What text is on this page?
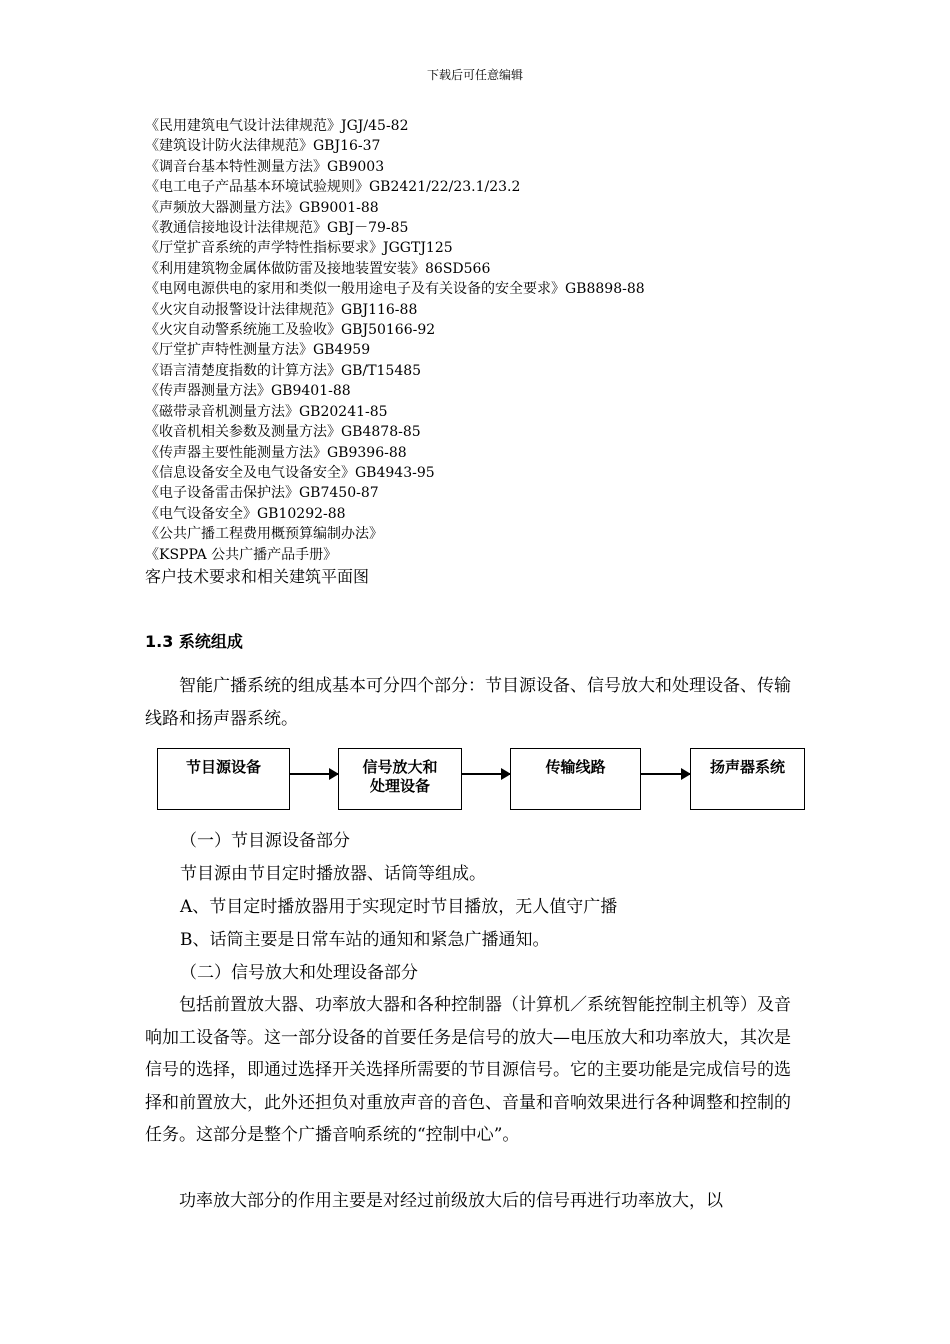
下载后可任意编辑
《民用建筑电气设计法律规范》JGJ/45-82
《建筑设计防火法律规范》GBJ16-37
《调音台基本特性测量方法》GB9003
《电工电子产品基本环境试验规则》GB2421/22/23.1/23.2
《声频放大器测量方法》GB9001-88
《教通信接地设计法律规范》GBJ－79-85
《厅堂扩音系统的声学特性指标要求》JGGTJ125
《利用建筑物金属体做防雷及接地装置安装》86SD566
《电网电源供电的家用和类似一般用途电子及有关设备的安全要求》GB8898-88
《火灾自动报警设计法律规范》GBJ116-88
《火灾自动警系统施工及验收》GBJ50166-92
《厅堂扩声特性测量方法》GB4959
《语言清楚度指数的计算方法》GB/T15485
《传声器测量方法》GB9401-88
《磁带录音机测量方法》GB20241-85
《收音机相关参数及测量方法》GB4878-85
《传声器主要性能测量方法》GB9396-88
《信息设备安全及电气设备安全》GB4943-95
《电子设备雷击保护法》GB7450-87
《电气设备安全》GB10292-88
《公共广播工程费用概预算编制办法》
《KSPPA 公共广播产品手册》
客户技术要求和相关建筑平面图
1.3 系统组成

智能广播系统的组成基本可分四个部分：节目源设备、信号放大和处理设备、传输线路和扬声器系统。

节目源设备	信号放大和
处理设备
传输线路	扬声器系统
（一）节目源设备部分
节目源由节目定时播放器、话筒等组成。
A、节目定时播放器用于实现定时节目播放，无人值守广播
B、话筒主要是日常车站的通知和紧急广播通知。
（二）信号放大和处理设备部分

包括前置放大器、功率放大器和各种控制器（计算机／系统智能控制主机等）及音响加工设备等。这一部分设备的首要任务是信号的放大—电压放大和功率放大，其次是信号的选择，即通过选择开关选择所需要的节目源信号。它的主要功能是完成信号的选择和前置放大，此外还担负对重放声音的音色、音量和音响效果进行各种调整和控制的任务。这部分是整个广播音响系统的“控制中心”。

功率放大部分的作用主要是对经过前级放大后的信号再进行功率放大，以
